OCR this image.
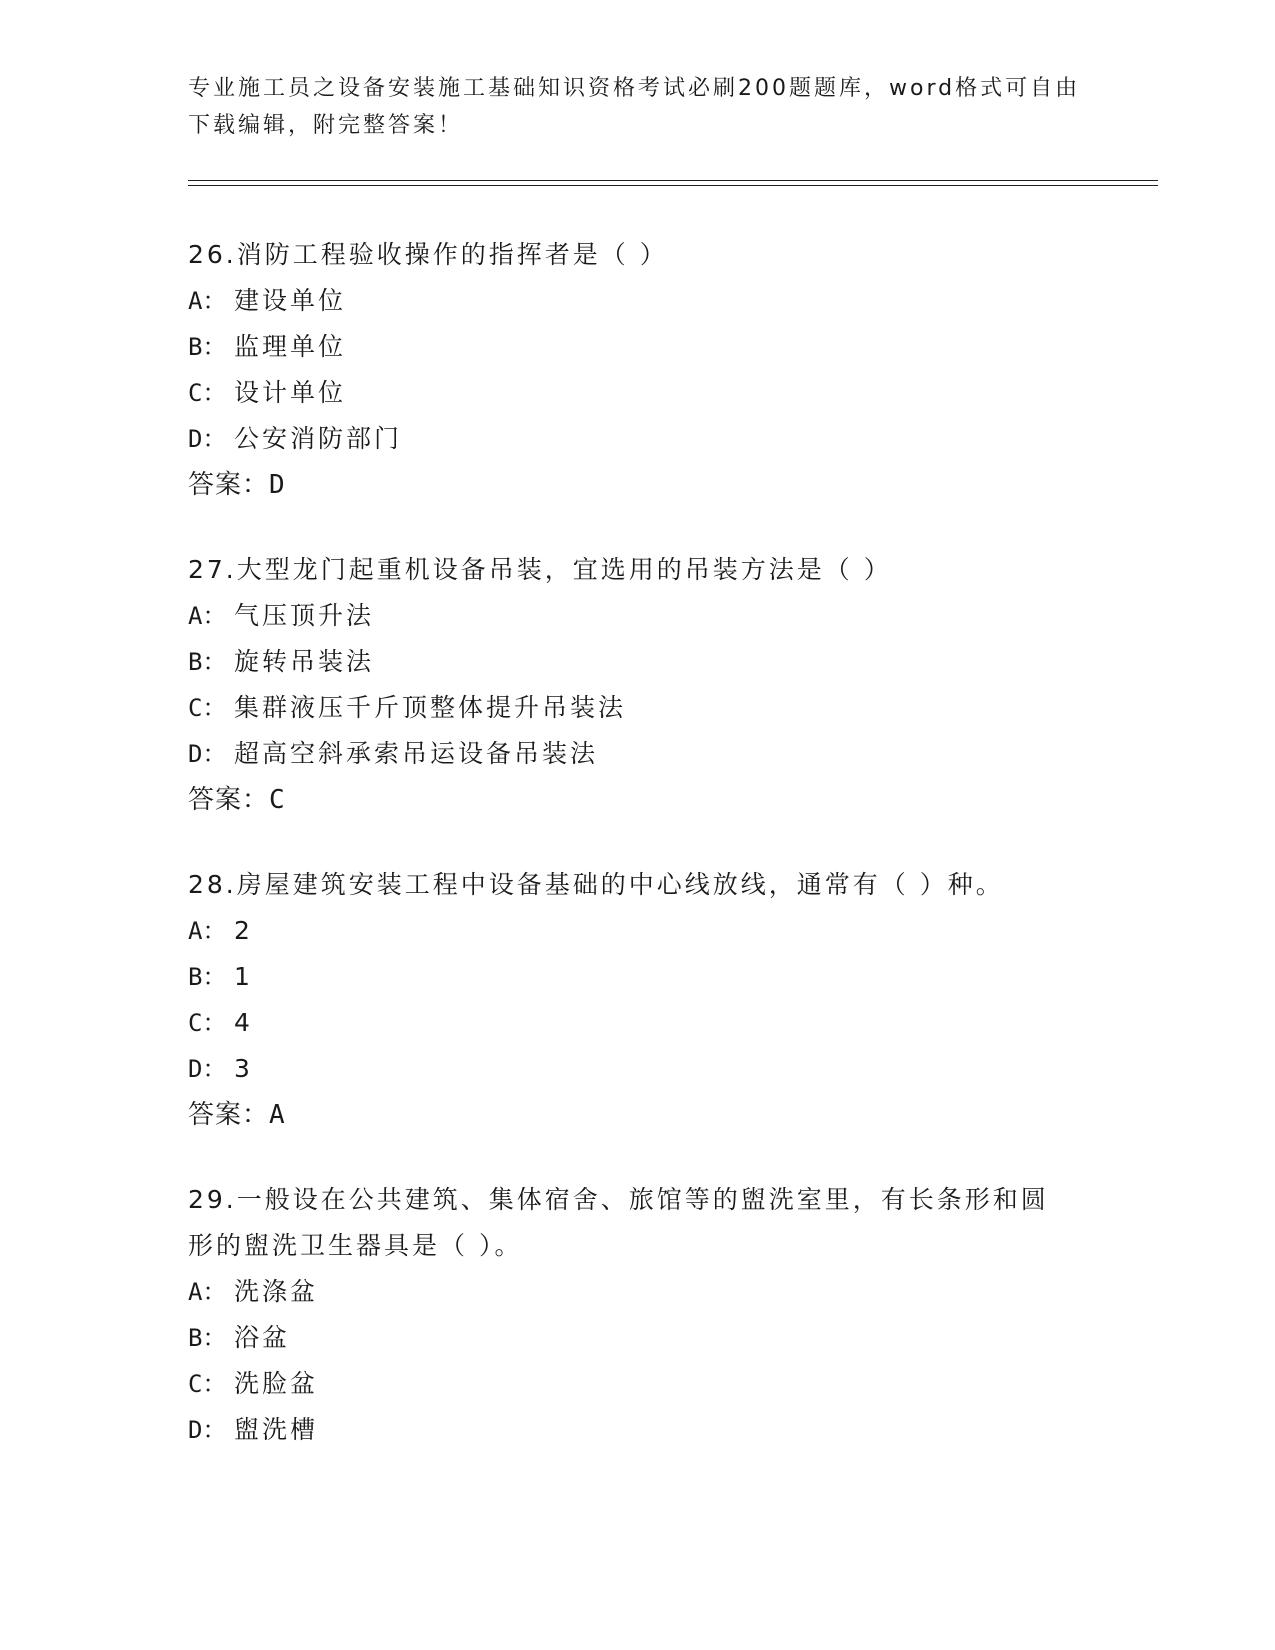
专业施工员之设备安装施工基础知识资格考试必刷200题题库，word格式可自由下载编辑，附完整答案！
26.消防工程验收操作的指挥者是（ ）
A： 建设单位
B： 监理单位
C： 设计单位
D： 公安消防部门
答案：D
27.大型龙门起重机设备吊装，宜选用的吊装方法是（ ）
A： 气压顶升法
B： 旋转吊装法
C： 集群液压千斤顶整体提升吊装法
D： 超高空斜承索吊运设备吊装法
答案：C
28.房屋建筑安装工程中设备基础的中心线放线，通常有（ ）种。
A： 2
B： 1
C： 4
D： 3
答案：A
29.一般设在公共建筑、集体宿舍、旅馆等的盥洗室里，有长条形和圆形的盥洗卫生器具是（ ）。
A： 洗涤盆
B： 浴盆
C： 洗脸盆
D： 盥洗槽
